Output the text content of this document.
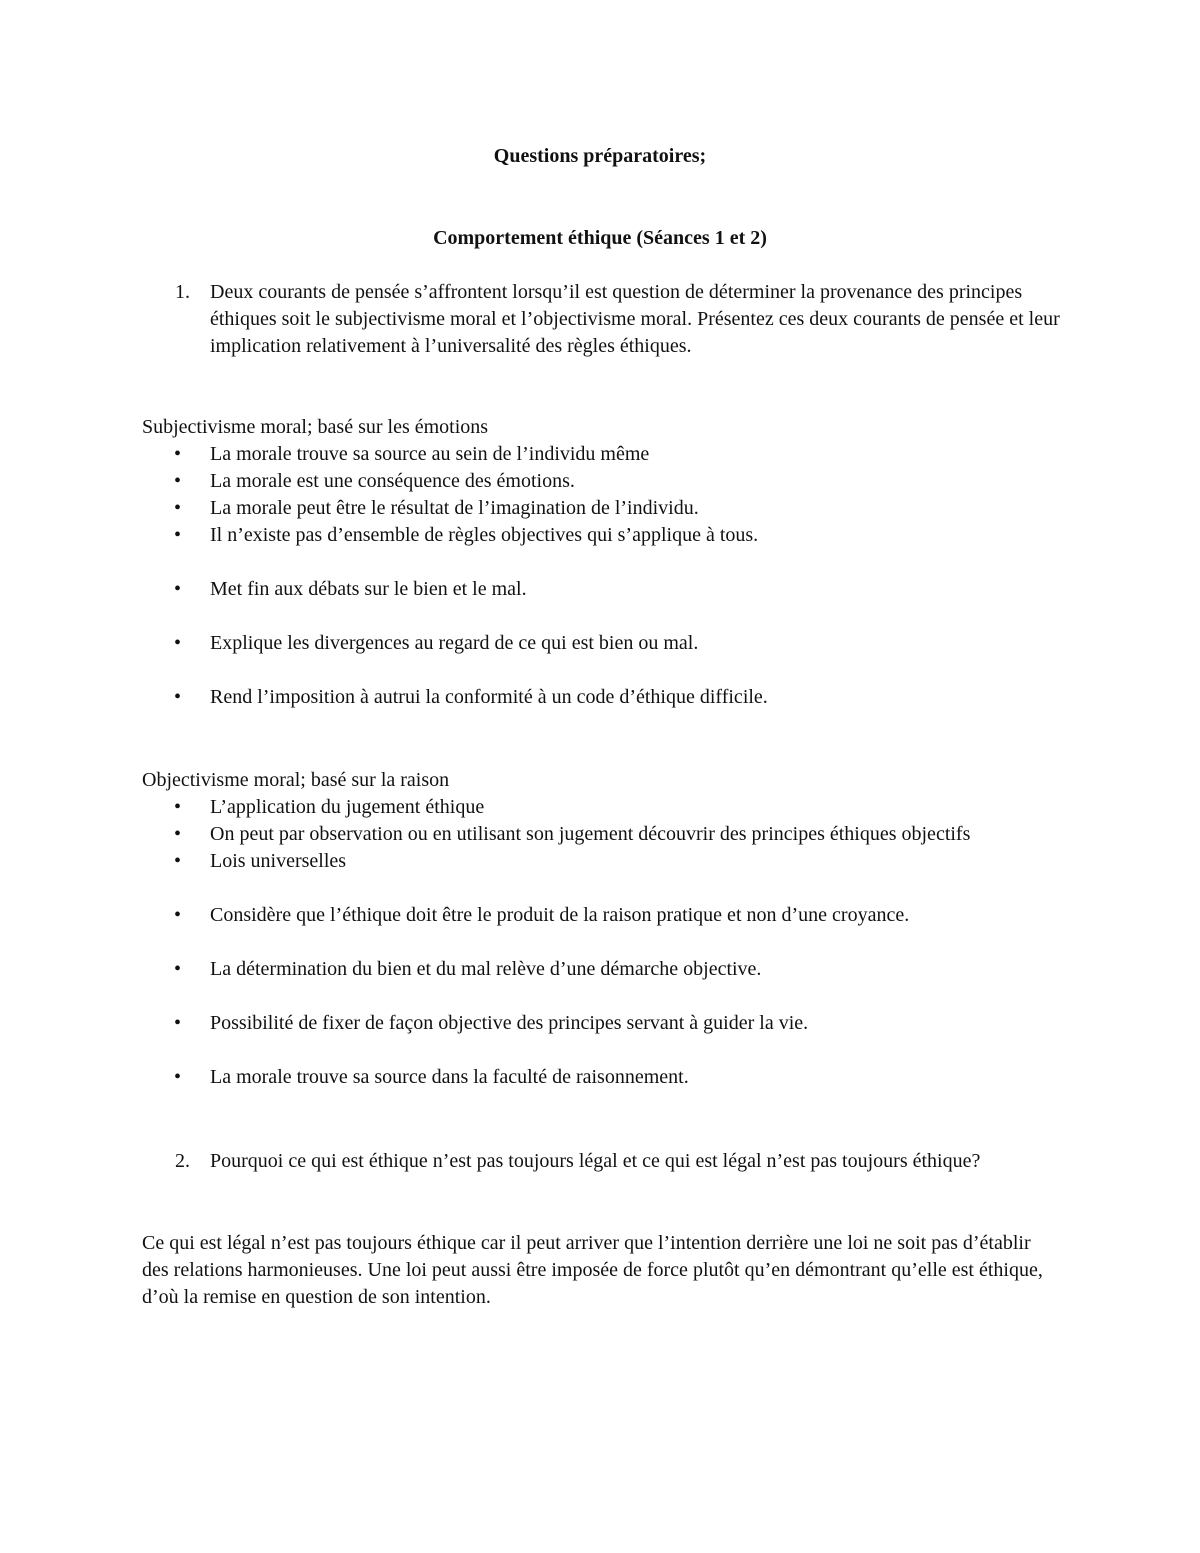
Questions préparatoires;
Comportement éthique (Séances 1 et 2)
1. Deux courants de pensée s’affrontent lorsqu’il est question de déterminer la provenance des principes éthiques soit le subjectivisme moral et l’objectivisme moral. Présentez ces deux courants de pensée et leur implication relativement à l’universalité des règles éthiques.
Subjectivisme moral; basé sur les émotions
• La morale trouve sa source au sein de l’individu même
• La morale est une conséquence des émotions.
• La morale peut être le résultat de l’imagination de l’individu.
• Il n’existe pas d’ensemble de règles objectives qui s’applique à tous.
• Met fin aux débats sur le bien et le mal.
• Explique les divergences au regard de ce qui est bien ou mal.
• Rend l’imposition à autrui la conformité à un code d’éthique difficile.
Objectivisme moral; basé sur la raison
• L’application du jugement éthique
• On peut par observation ou en utilisant son jugement découvrir des principes éthiques objectifs
• Lois universelles
• Considère que l’éthique doit être le produit de la raison pratique et non d’une croyance.
• La détermination du bien et du mal relève d’une démarche objective.
• Possibilité de fixer de façon objective des principes servant à guider la vie.
• La morale trouve sa source dans la faculté de raisonnement.
2. Pourquoi ce qui est éthique n’est pas toujours légal et ce qui est légal n’est pas toujours éthique?

Ce qui est légal n’est pas toujours éthique car il peut arriver que l’intention derrière une loi ne soit pas d’établir des relations harmonieuses. Une loi peut aussi être imposée de force plutôt qu’en démontrant qu’elle est éthique, d’où la remise en question de son intention.
